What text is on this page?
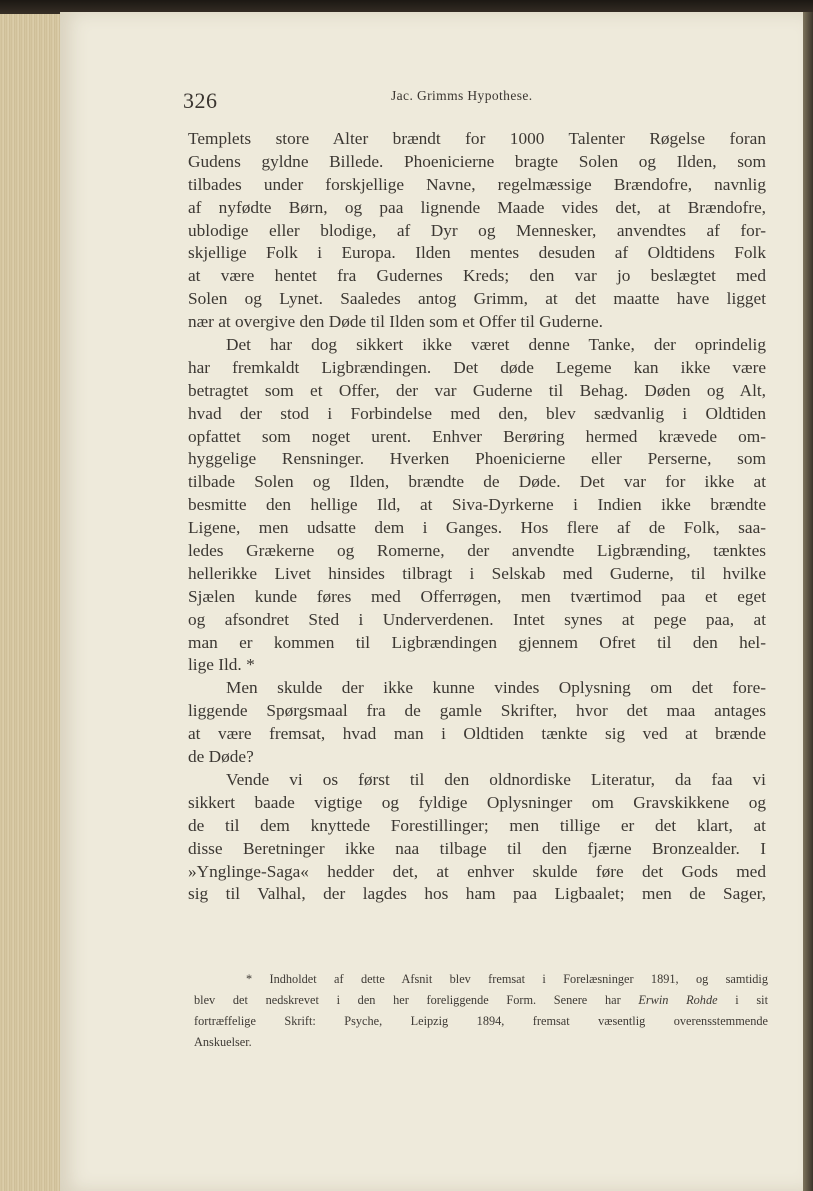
326	Jac. Grimms Hypothese.
Templets store Alter brændt for 1000 Talenter Røgelse foran
Gudens gyldne Billede. Phoenicierne bragte Solen og Ilden, som
tilbades under forskjellige Navne, regelmæssige Brændofre, navnlig
af nyfødte Børn, og paa lignende Maade vides det, at Brændofre,
ublodige eller blodige, af Dyr og Mennesker, anvendtes af for-
skjellige Folk i Europa. Ilden mentes desuden af Oldtidens Folk
at være hentet fra Gudernes Kreds; den var jo beslægtet med
Solen og Lynet. Saaledes antog Grimm, at det maatte have ligget
nær at overgive den Døde til Ilden som et Offer til Guderne.
Det har dog sikkert ikke været denne Tanke, der oprindelig
har fremkaldt Ligbrændingen. Det døde Legeme kan ikke være
betragtet som et Offer, der var Guderne til Behag. Døden og Alt,
hvad der stod i Forbindelse med den, blev sædvanlig i Oldtiden
opfattet som noget urent. Enhver Berøring hermed krævede om-
hyggelige Rensninger. Hverken Phoenicierne eller Perserne, som
tilbade Solen og Ilden, brændte de Døde. Det var for ikke at
besmitte den hellige Ild, at Siva-Dyrkerne i Indien ikke brændte
Ligene, men udsatte dem i Ganges. Hos flere af de Folk, saa-
ledes Grækerne og Romerne, der anvendte Ligbrænding, tænktes
hellerikke Livet hinsides tilbragt i Selskab med Guderne, til hvilke
Sjælen kunde føres med Offerrøgen, men tværtimod paa et eget
og afsondret Sted i Underverdenen. Intet synes at pege paa, at
man er kommen til Ligbrændingen gjennem Ofret til den hel-
lige Ild. *
Men skulde der ikke kunne vindes Oplysning om det fore-
liggende Spørgsmaal fra de gamle Skrifter, hvor det maa antages
at være fremsat, hvad man i Oldtiden tænkte sig ved at brænde
de Døde?
Vende vi os først til den oldnordiske Literatur, da faa vi
sikkert baade vigtige og fyldige Oplysninger om Gravskikkene og
de til dem knyttede Forestillinger; men tillige er det klart, at
disse Beretninger ikke naa tilbage til den fjærne Bronzealder. I
»Ynglinge-Saga« hedder det, at enhver skulde føre det Gods med
sig til Valhal, der lagdes hos ham paa Ligbaalet; men de Sager,
* Indholdet af dette Afsnit blev fremsat i Forelæsninger 1891, og samtidig
blev det nedskrevet i den her foreliggende Form. Senere har Erwin Rohde i sit
fortræffelige Skrift: Psyche, Leipzig 1894, fremsat væsentlig overensstemmende
Anskuelser.
